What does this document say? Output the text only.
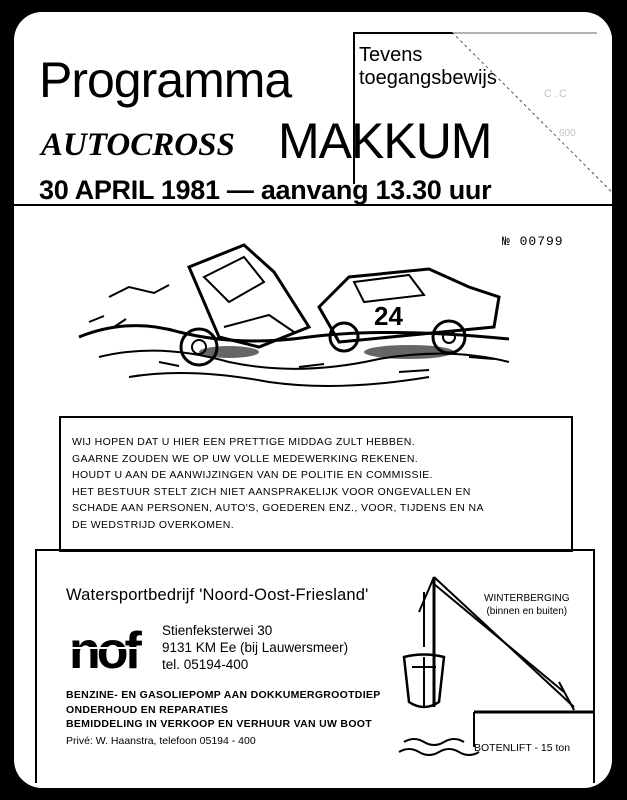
Tevens
toegangsbewijs
Programma
AUTOCROSS MAKKUM
30 APRIL 1981 — aanvang 13.30 uur
№ 00799
24
WIJ HOPEN DAT U HIER EEN PRETTIGE MIDDAG ZULT HEBBEN.
GAARNE ZOUDEN WE OP UW VOLLE MEDEWERKING REKENEN.
HOUDT U AAN DE AANWIJZINGEN VAN DE POLITIE EN COMMISSIE.
HET BESTUUR STELT ZICH NIET AANSPRAKELIJK VOOR ONGEVALLEN EN
SCHADE AAN PERSONEN, AUTO'S, GOEDEREN ENZ., VOOR, TIJDENS EN NA
DE WEDSTRIJD OVERKOMEN.
Watersportbedrijf 'Noord-Oost-Friesland'
nof	Stienfeksterwei 30
9131 KM Ee (bij Lauwersmeer)
tel. 05194-400
BENZINE- EN GASOLIEPOMP AAN DOKKUMERGROOTDIEP
ONDERHOUD EN REPARATIES
BEMIDDELING IN VERKOOP EN VERHUUR VAN UW BOOT
Privé: W. Haanstra, telefoon 05194 - 400
WINTERBERGING
(binnen en buiten)
BOTENLIFT - 15 ton
